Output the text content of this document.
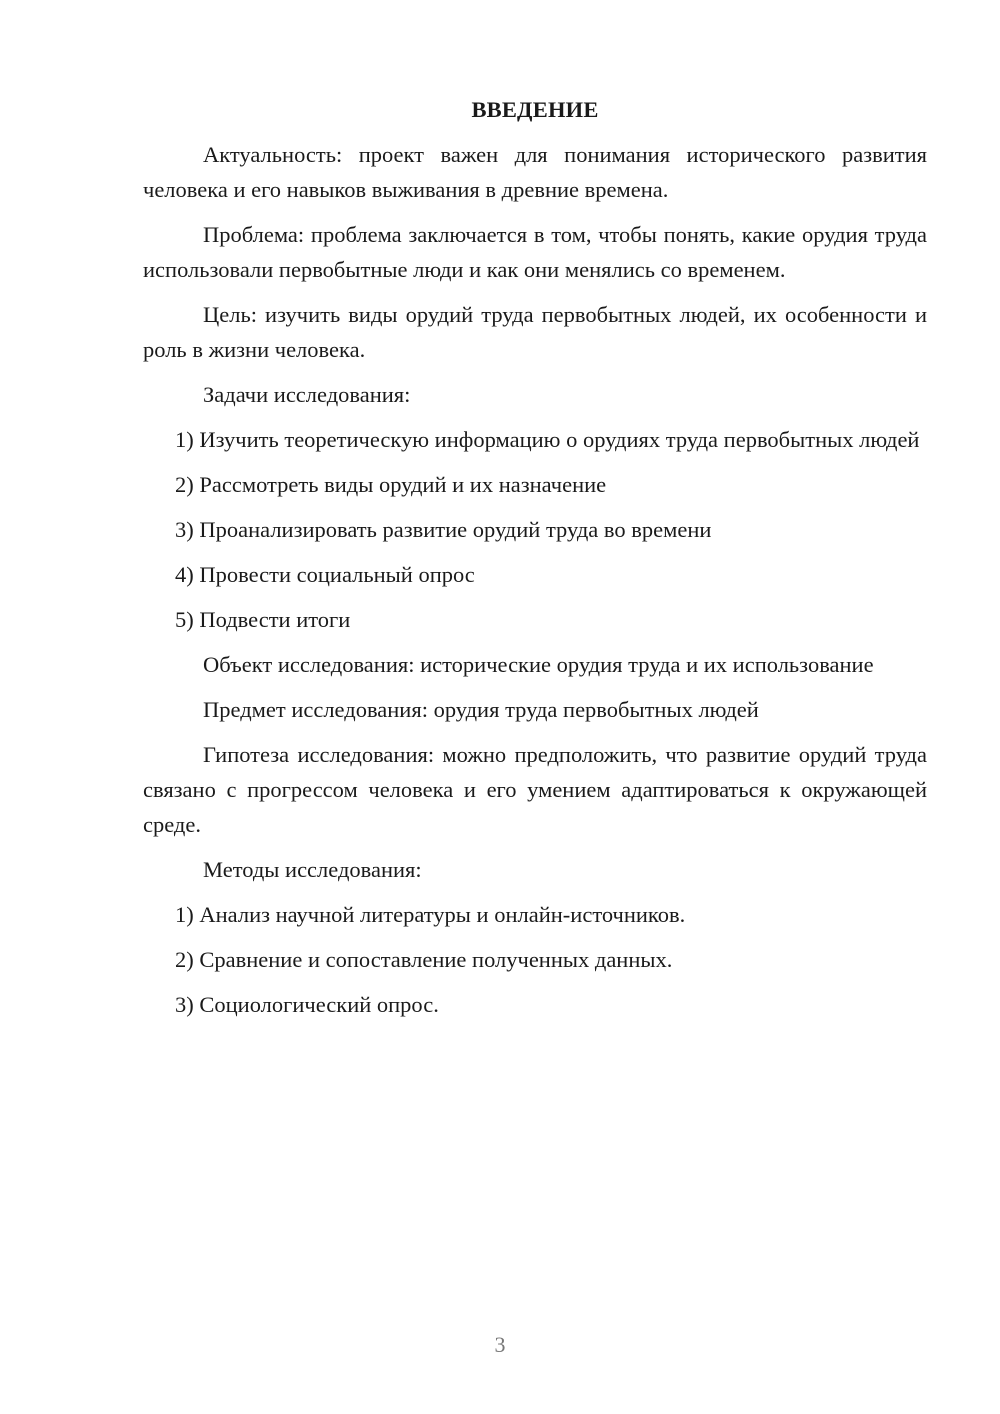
ВВЕДЕНИЕ

Актуальность: проект важен для понимания исторического развития человека и его навыков выживания в древние времена.

Проблема: проблема заключается в том, чтобы понять, какие орудия труда использовали первобытные люди и как они менялись со временем.

Цель: изучить виды орудий труда первобытных людей, их особенности и роль в жизни человека.

Задачи исследования:

1) Изучить теоретическую информацию о орудиях труда первобытных людей

2) Рассмотреть виды орудий и их назначение

3) Проанализировать развитие орудий труда во времени

4) Провести социальный опрос

5) Подвести итоги

Объект исследования: исторические орудия труда и их использование

Предмет исследования: орудия труда первобытных людей

Гипотеза исследования: можно предположить, что развитие орудий труда связано с прогрессом человека и его умением адаптироваться к окружающей среде.

Методы исследования:

1) Анализ научной литературы и онлайн-источников.

2) Сравнение и сопоставление полученных данных.

3) Социологический опрос.

3
